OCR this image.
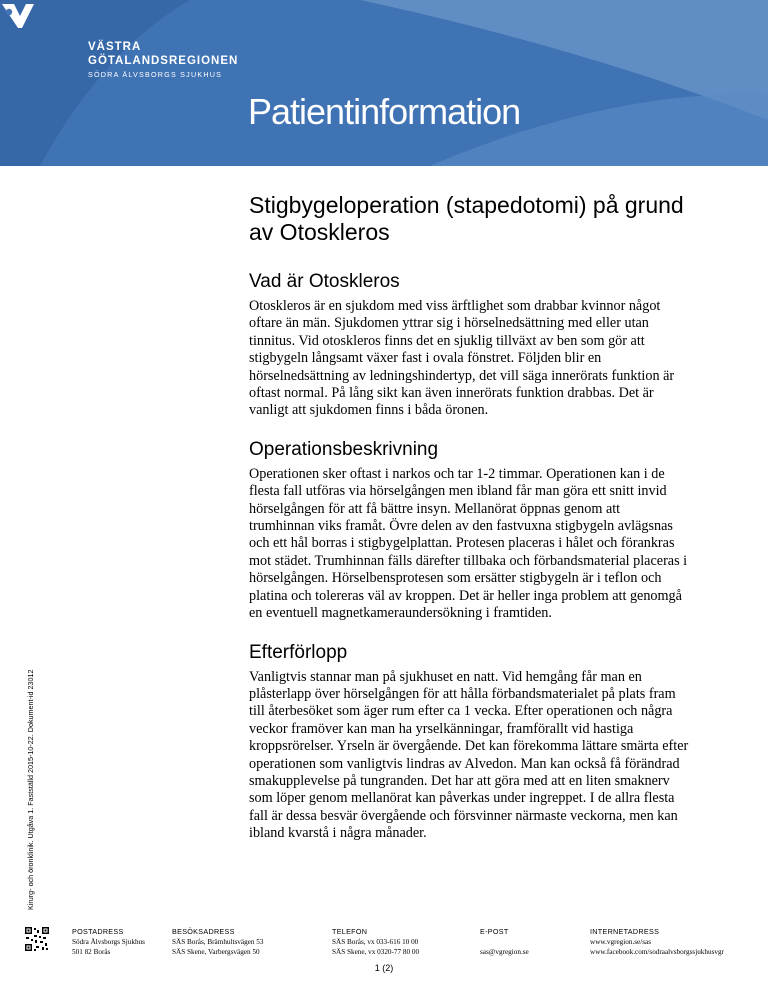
VÄSTRA
GÖTALANDSREGIONEN
SÖDRA ÄLVSBORGS SJUKHUS
Patientinformation
Stigbygeloperation (stapedotomi) på grund av Otoskleros
Vad är Otoskleros

Otoskleros är en sjukdom med viss ärftlighet som drabbar kvinnor något oftare än män. Sjukdomen yttrar sig i hörselnedsättning med eller utan tinnitus. Vid otoskleros finns det en sjuklig tillväxt av ben som gör att stigbygeln långsamt växer fast i ovala fönstret. Följden blir en hörselnedsättning av ledningshindertyp, det vill säga innerörats funktion är oftast normal. På lång sikt kan även innerörats funktion drabbas. Det är vanligt att sjukdomen finns i båda öronen.

Operationsbeskrivning

Operationen sker oftast i narkos och tar 1-2 timmar. Operationen kan i de flesta fall utföras via hörselgången men ibland får man göra ett snitt invid hörselgången för att få bättre insyn. Mellanörat öppnas genom att trumhinnan viks framåt. Övre delen av den fastvuxna stigbygeln avlägsnas och ett hål borras i stigbygelplattan. Protesen placeras i hålet och förankras mot städet. Trumhinnan fälls därefter tillbaka och förbandsmaterial placeras i hörselgången. Hörselbensprotesen som ersätter stigbygeln är i teflon och platina och tolereras väl av kroppen. Det är heller inga problem att genomgå en eventuell magnetkameraundersökning i framtiden.

Efterförlopp

Vanligtvis stannar man på sjukhuset en natt. Vid hemgång får man en plåsterlapp över hörselgången för att hålla förbandsmaterialet på plats fram till återbesöket som äger rum efter ca 1 vecka. Efter operationen och några veckor framöver kan man ha yrselkänningar, framförallt vid hastiga kroppsrörelser. Yrseln är övergående. Det kan förekomma lättare smärta efter operationen som vanligtvis lindras av Alvedon. Man kan också få förändrad smakupplevelse på tungranden. Det har att göra med att en liten smaknerv som löper genom mellanörat kan påverkas under ingreppet. I de allra flesta fall är dessa besvär övergående och försvinner närmaste veckorna, men kan ibland kvarstå i några månader.

Kirurg- och öronklinik. Utgåva 1. Fastställd 2015-10-22. Dokument-id 23012
POSTADRESS
Södra Älvsborgs Sjukhus
501 82 Borås
BESÖKSADRESS
SÄS Borås, Brämhultsvägen 53
SÄS Skene, Varbergsvägen 50
TELEFON
SÄS Borås, vx 033-616 10 00
SÄS Skene, vx 0320-77 80 00
E-POST

sas@vgregion.se
INTERNETADRESS
www.vgregion.se/sas
www.facebook.com/sodraalvsborgssjukhusvgr
1 (2)
